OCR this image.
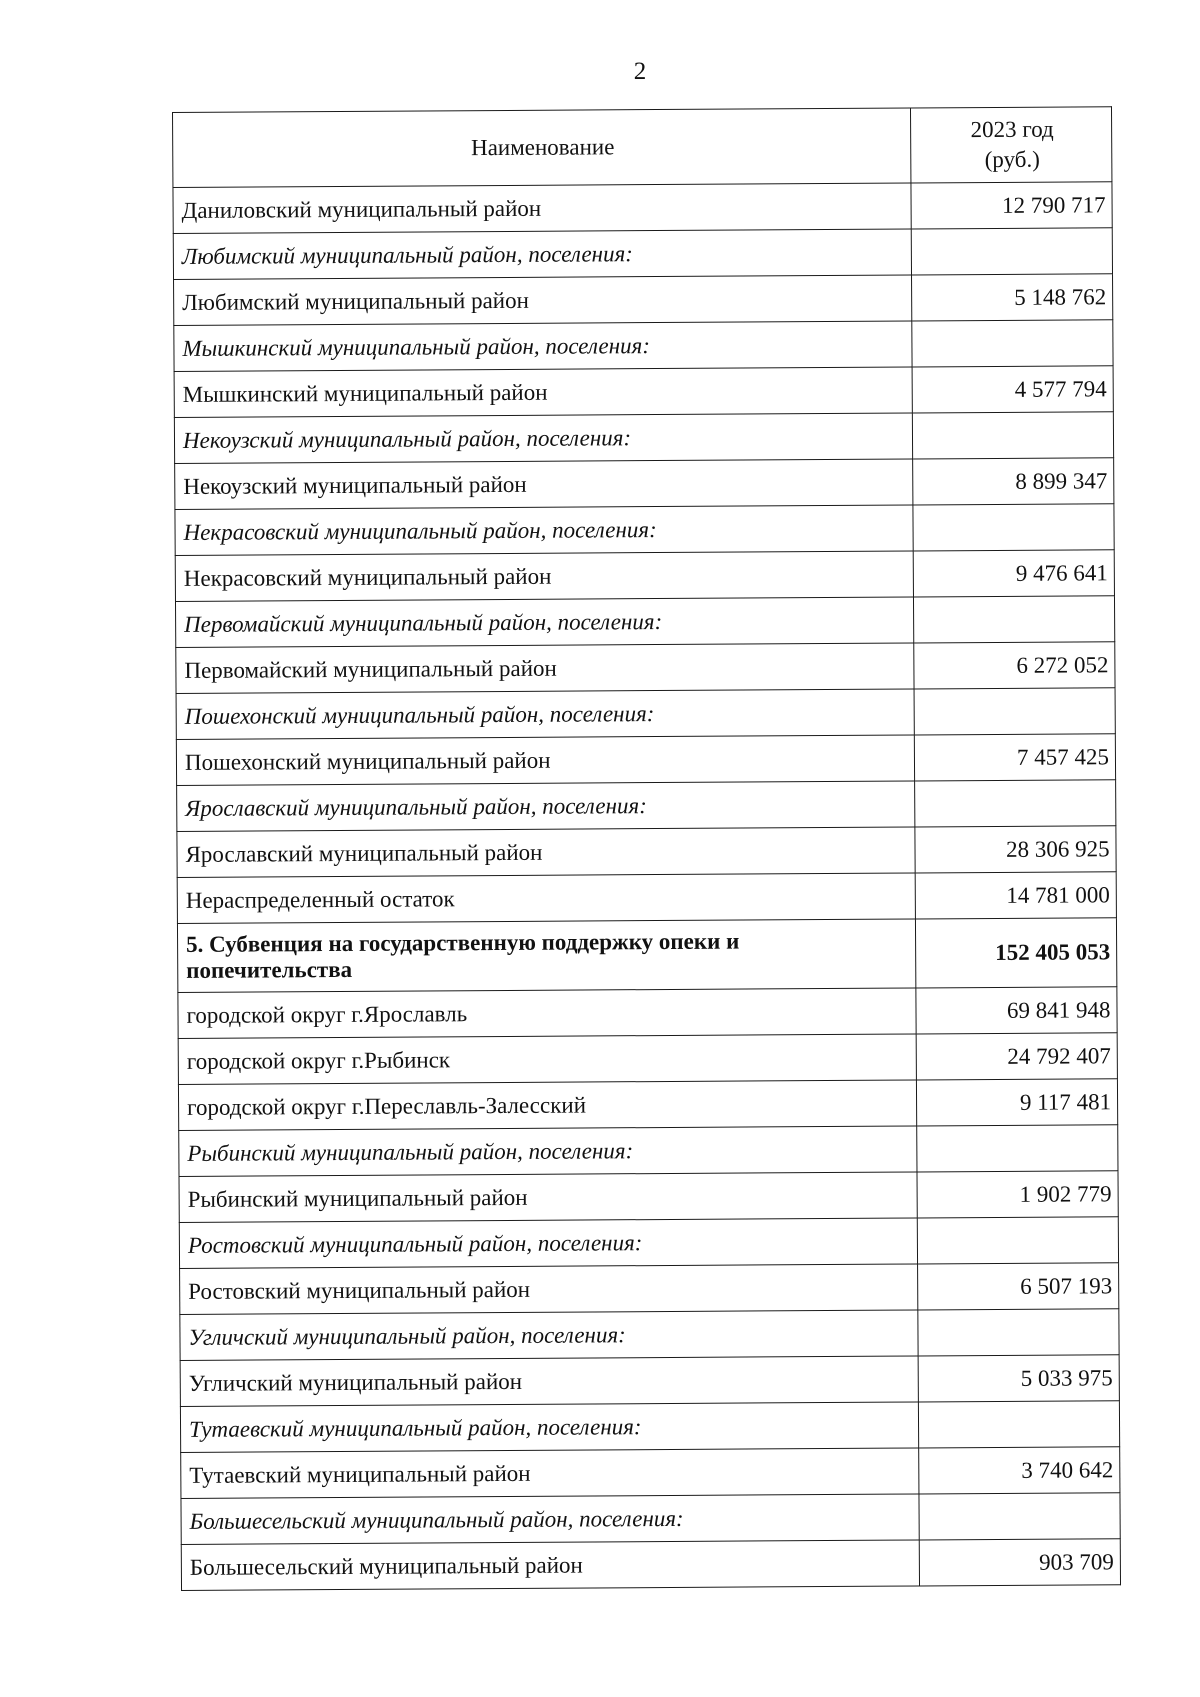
2
Наименование	2023 год
(руб.)

Даниловский муниципальный район	12 790 717
Любимский муниципальный район, поселения:	
Любимский муниципальный район	5 148 762
Мышкинский муниципальный район, поселения:	
Мышкинский муниципальный район	4 577 794
Некоузский муниципальный район, поселения:	
Некоузский муниципальный район	8 899 347
Некрасовский муниципальный район, поселения:	
Некрасовский муниципальный район	9 476 641
Первомайский муниципальный район, поселения:	
Первомайский муниципальный район	6 272 052
Пошехонский муниципальный район, поселения:	
Пошехонский муниципальный район	7 457 425
Ярославский муниципальный район, поселения:	
Ярославский муниципальный район	28 306 925
Нераспределенный остаток	14 781 000
5. Субвенция на государственную поддержку опеки и попечительства	152 405 053
городской округ г.Ярославль	69 841 948
городской округ г.Рыбинск	24 792 407
городской округ г.Переславль-Залесский	9 117 481
Рыбинский муниципальный район, поселения:	
Рыбинский муниципальный район	1 902 779
Ростовский муниципальный район, поселения:	
Ростовский муниципальный район	6 507 193
Угличский муниципальный район, поселения:	
Угличский муниципальный район	5 033 975
Тутаевский муниципальный район, поселения:	
Тутаевский муниципальный район	3 740 642
Большесельский муниципальный район, поселения:	
Большесельский муниципальный район	903 709
